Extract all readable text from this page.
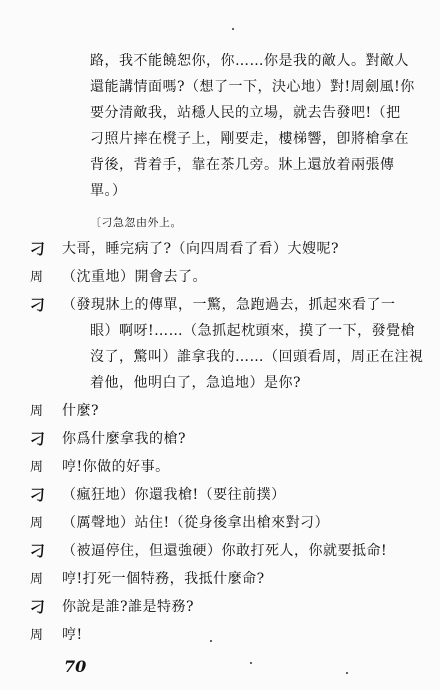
路，我不能饒恕你，你……你是我的敵人。對敵人
還能講情面嗎?（想了一下，決心地）對!周劍風!你
要分清敵我，站穩人民的立場，就去告發吧!（把
刁照片摔在櫈子上，剛要走，樓梯響，卽將槍拿在
背後，背着手，靠在茶几旁。牀上還放着兩張傳
單。）
〔刁急忽由外上。
刁	大哥，睡完病了?（向四周看了看）大嫂呢?
周	（沈重地）開會去了。
刁	（發現牀上的傳單，一驚，急跑過去，抓起來看了一
眼）啊呀!……（急抓起枕頭來，摸了一下，發覺槍
沒了，驚叫）誰拿我的……（回頭看周，周正在注視
着他，他明白了，急追地）是你?
周	什麼?
刁	你爲什麼拿我的槍?
周	哼!你做的好事。
刁	（瘋狂地）你還我槍!（要往前撲）
周	（厲聲地）站住!（從身後拿出槍來對刁）
刁	（被逼停住，但還強硬）你敢打死人，你就要抵命!
周	哼!打死一個特務，我抵什麼命?
刁	你說是誰?誰是特務?
周	哼!
70
